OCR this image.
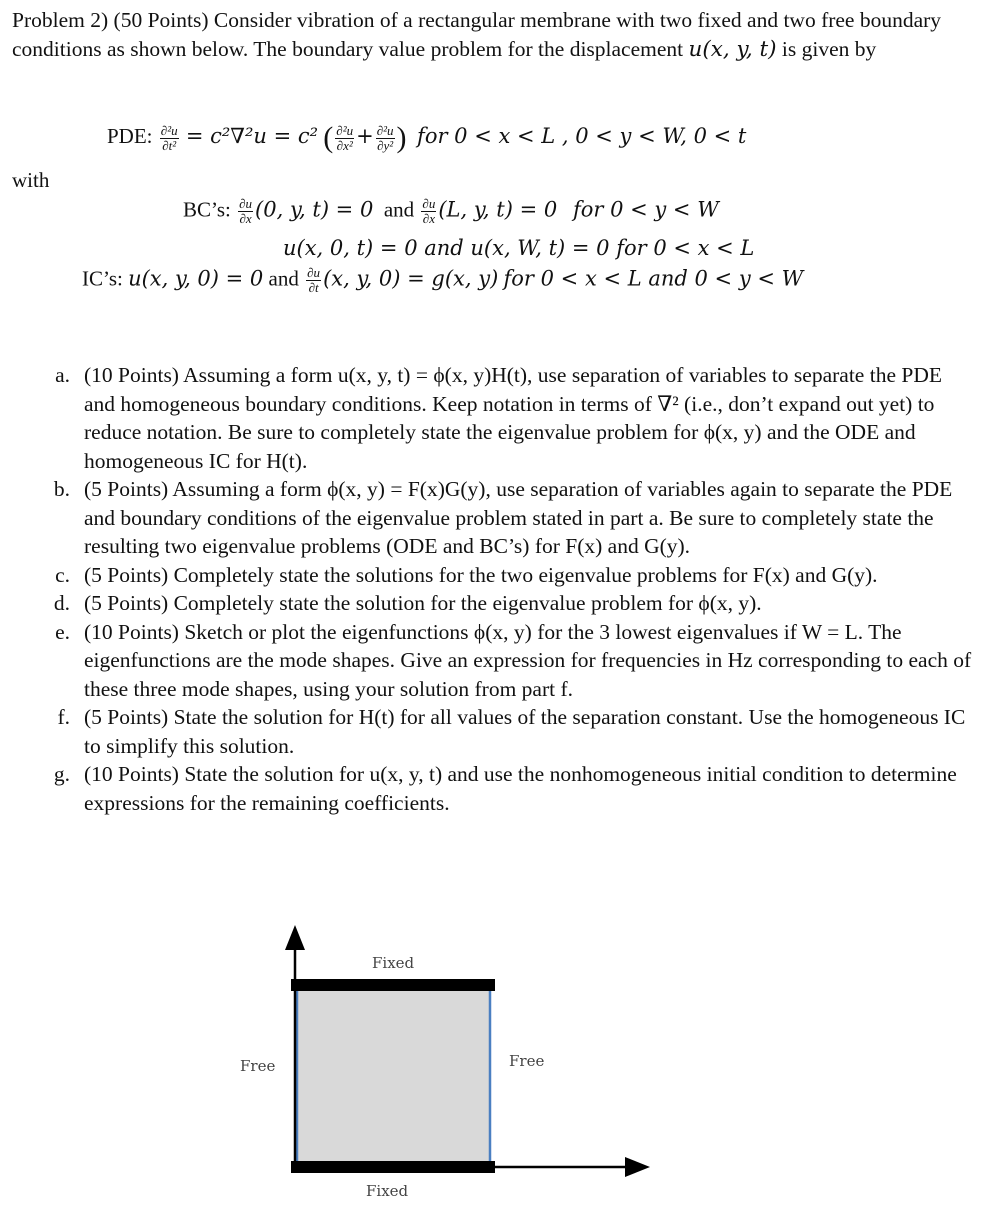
Problem 2) (50 Points) Consider vibration of a rectangular membrane with two fixed and two free boundary conditions as shown below. The boundary value problem for the displacement u(x, y, t) is given by
PDE: $\frac{\text{∂²u}}{\text{∂t²}} = c^2\nabla^2u = c^2$ ( $\frac{\text{∂²u}}{\text{∂x²}} + \frac{\text{∂²u}}{\text{∂y²}}$ ) for 0 < x < L , 0 < y < W, 0 < t
with
BC’s: $\frac{\partial u}{\partial x} (0$, y, t) = 0 and $\frac{\partial u}{\partial x} (L$, y, t) = 0 for 0 < y < W
u(x, 0, t) = 0 and u(x, W, t) = 0 for 0 < x < L
IC’s: u(x, y, 0) = 0 and $\frac{\partial u}{\partial t} (x$, y, 0) = g(x, y) for 0 < x < L and 0 < y < W
a. (10 Points) Assuming a form u(x, y, t) = ϕ(x, y)H(t), use separation of variables to separate the PDE and homogeneous boundary conditions. Keep notation in terms of ∇² (i.e., don’t expand out yet) to reduce notation. Be sure to completely state the eigenvalue problem for ϕ(x, y) and the ODE and homogeneous IC for H(t).
b. (5 Points) Assuming a form ϕ(x, y) = F(x)G(y), use separation of variables again to separate the PDE and boundary conditions of the eigenvalue problem stated in part a. Be sure to completely state the resulting two eigenvalue problems (ODE and BC’s) for F(x) and G(y).
c. (5 Points) Completely state the solutions for the two eigenvalue problems for F(x) and G(y).
d. (5 Points) Completely state the solution for the eigenvalue problem for ϕ(x, y).
e. (10 Points) Sketch or plot the eigenfunctions ϕ(x, y) for the 3 lowest eigenvalues if W = L. The eigenfunctions are the mode shapes. Give an expression for frequencies in Hz corresponding to each of these three mode shapes, using your solution from part f.
f. (5 Points) State the solution for H(t) for all values of the separation constant. Use the homogeneous IC to simplify this solution.
g. (10 Points) State the solution for u(x, y, t) and use the nonhomogeneous initial condition to determine expressions for the remaining coefficients.
Fixed
Fixed
Free	Free
